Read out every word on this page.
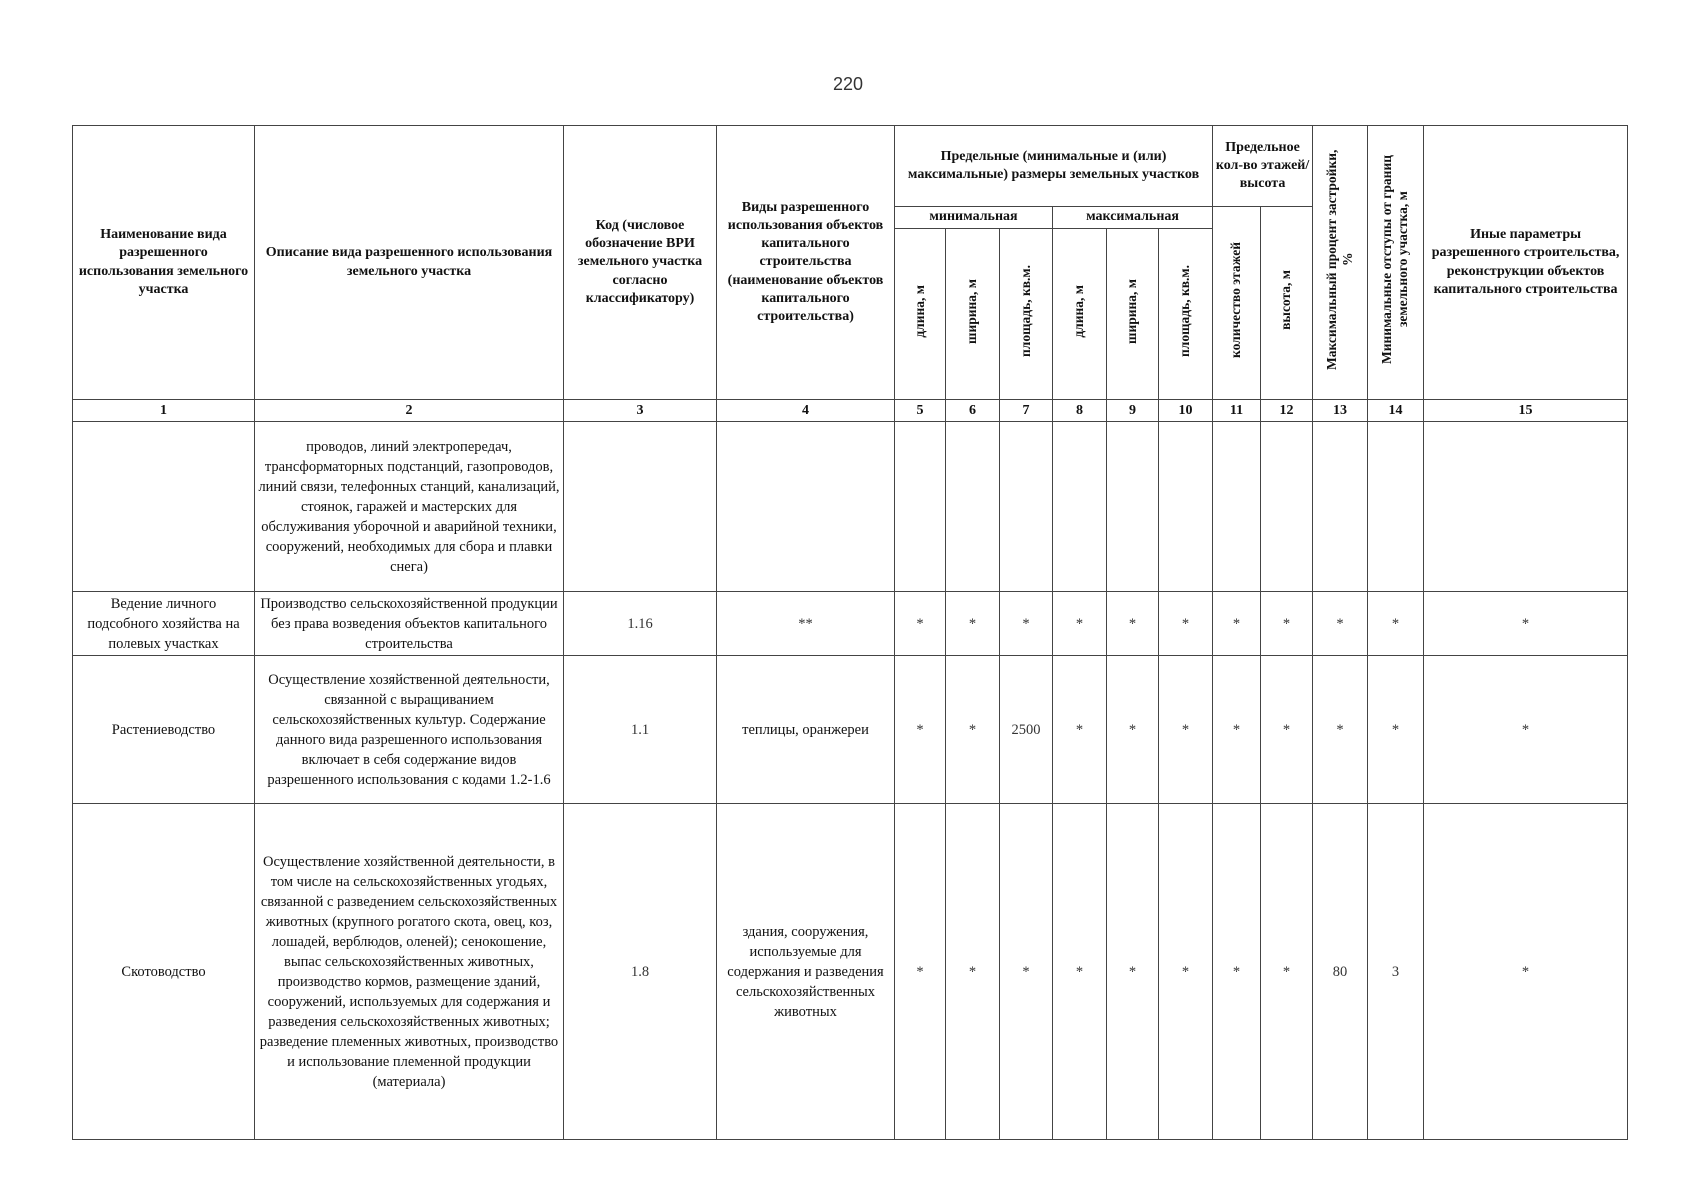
220
Наименование вида разрешенного использования земельного участка	Описание вида разрешенного использования земельного участка	Код (числовое обозначение ВРИ земельного участка согласно классификатору)	Виды разрешенного использования объектов капитального строительства (наименование объектов капитального строительства)	Предельные (минимальные и (или) максимальные) размеры земельных участков						Предельное кол-во этажей/ высота		Максимальный процент застройки, %	Минимальные отступы от границ земельного участка, м	Иные параметры разрешенного строительства, реконструкции объектов капитального строительства
				минимальная			максимальная			количество этажей	высота, м			
				длина, м	ширина, м	площадь, кв.м.	длина, м	ширина, м	площадь, кв.м.					
1	2	3	4	5	6	7	8	9	10	11	12	13	14	15
	проводов, линий электропередач, трансформаторных подстанций, газопроводов, линий связи, телефонных станций, канализаций, стоянок, гаражей и мастерских для обслуживания уборочной и аварийной техники, сооружений, необходимых для сбора и плавки снега)													
Ведение личного подсобного хозяйства на полевых участках	Производство сельскохозяйственной продукции без права возведения объектов капитального строительства	1.16	**	*	*	*	*	*	*	*	*	*	*	*
Растениеводство	Осуществление хозяйственной деятельности, связанной с выращиванием сельскохозяйственных культур. Содержание данного вида разрешенного использования включает в себя содержание видов разрешенного использования с кодами 1.2-1.6	1.1	теплицы, оранжереи	*	*	2500	*	*	*	*	*	*	*	*
Скотоводство	Осуществление хозяйственной деятельности, в том числе на сельскохозяйственных угодьях, связанной с разведением сельскохозяйственных животных (крупного рогатого скота, овец, коз, лошадей, верблюдов, оленей); сенокошение, выпас сельскохозяйственных животных, производство кормов, размещение зданий, сооружений, используемых для содержания и разведения сельскохозяйственных животных; разведение племенных животных, производство и использование племенной продукции (материала)	1.8	здания, сооружения, используемые для содержания и разведения сельскохозяйственных животных	*	*	*	*	*	*	*	*	80	3	*
